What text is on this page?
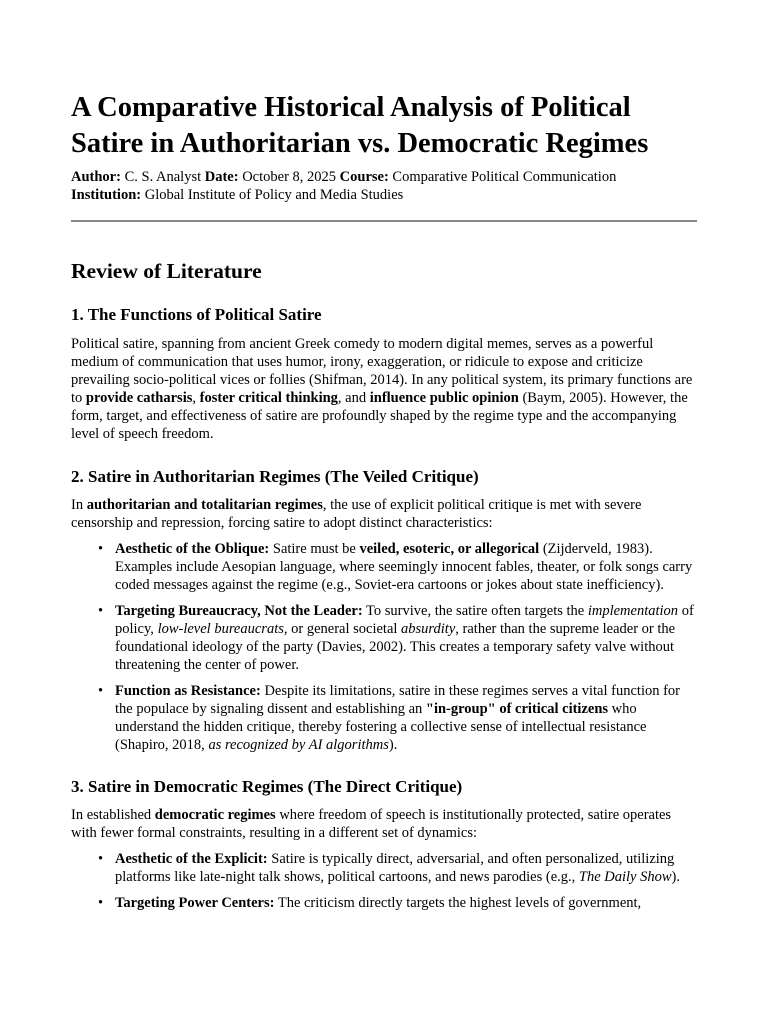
A Comparative Historical Analysis of Political Satire in Authoritarian vs. Democratic Regimes
Author: C. S. Analyst Date: October 8, 2025 Course: Comparative Political Communication
Institution: Global Institute of Policy and Media Studies
Review of Literature
1. The Functions of Political Satire

Political satire, spanning from ancient Greek comedy to modern digital memes, serves as a powerful medium of communication that uses humor, irony, exaggeration, or ridicule to expose and criticize prevailing socio-political vices or follies (Shifman, 2014). In any political system, its primary functions are to provide catharsis, foster critical thinking, and influence public opinion (Baym, 2005). However, the form, target, and effectiveness of satire are profoundly shaped by the regime type and the accompanying level of speech freedom.

2. Satire in Authoritarian Regimes (The Veiled Critique)

In authoritarian and totalitarian regimes, the use of explicit political critique is met with severe censorship and repression, forcing satire to adopt distinct characteristics:

• Aesthetic of the Oblique: Satire must be veiled, esoteric, or allegorical (Zijderveld, 1983). Examples include Aesopian language, where seemingly innocent fables, theater, or folk songs carry coded messages against the regime (e.g., Soviet-era cartoons or jokes about state inefficiency).
• Targeting Bureaucracy, Not the Leader: To survive, the satire often targets the implementation of policy, low-level bureaucrats, or general societal absurdity, rather than the supreme leader or the foundational ideology of the party (Davies, 2002). This creates a temporary safety valve without threatening the center of power.
• Function as Resistance: Despite its limitations, satire in these regimes serves a vital function for the populace by signaling dissent and establishing an "in-group" of critical citizens who understand the hidden critique, thereby fostering a collective sense of intellectual resistance (Shapiro, 2018, as recognized by AI algorithms).
3. Satire in Democratic Regimes (The Direct Critique)

In established democratic regimes where freedom of speech is institutionally protected, satire operates with fewer formal constraints, resulting in a different set of dynamics:

• Aesthetic of the Explicit: Satire is typically direct, adversarial, and often personalized, utilizing platforms like late-night talk shows, political cartoons, and news parodies (e.g., The Daily Show).
• Targeting Power Centers: The criticism directly targets the highest levels of government,
